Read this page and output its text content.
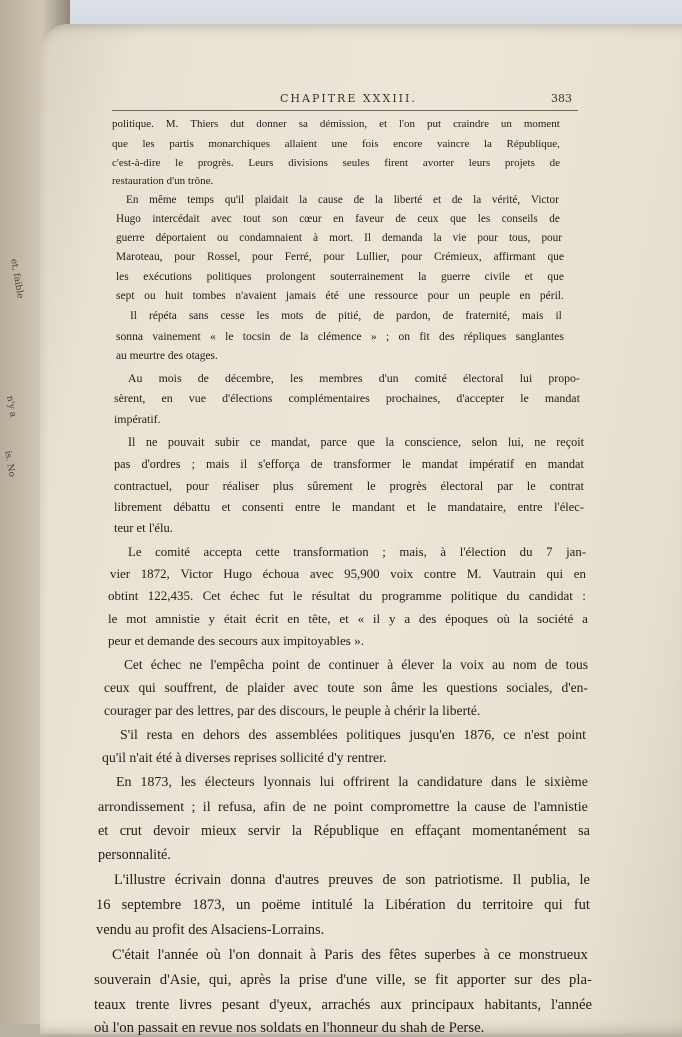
et, faible
n'y a
is. No
CHAPITRE XXXIII.	383
politique. M. Thiers dut donner sa démission, et l'on put craindre un moment
que les partis monarchiques allaient une fois encore vaincre la République,
c'est-à-dire le progrès. Leurs divisions seules firent avorter leurs projets de
restauration d'un trône.
En même temps qu'il plaidait la cause de la liberté et de la vérité, Victor
Hugo intercédait avec tout son cœur en faveur de ceux que les conseils de
guerre déportaient ou condamnaient à mort. Il demanda la vie pour tous, pour
Maroteau, pour Rossel, pour Ferré, pour Lullier, pour Crémieux, affirmant que
les exécutions politiques prolongent souterrainement la guerre civile et que
sept ou huit tombes n'avaient jamais été une ressource pour un peuple en péril.
Il répéta sans cesse les mots de pitié, de pardon, de fraternité, mais il
sonna vainement « le tocsin de la clémence » ; on fit des répliques sanglantes
au meurtre des otages.
Au mois de décembre, les membres d'un comité électoral lui propo-
sèrent, en vue d'élections complémentaires prochaines, d'accepter le mandat
impératif.
Il ne pouvait subir ce mandat, parce que la conscience, selon lui, ne reçoit
pas d'ordres ; mais il s'efforça de transformer le mandat impératif en mandat
contractuel, pour réaliser plus sûrement le progrès électoral par le contrat
librement débattu et consenti entre le mandant et le mandataire, entre l'élec-
teur et l'élu.
Le comité accepta cette transformation ; mais, à l'élection du 7 jan-
vier 1872, Victor Hugo échoua avec 95,900 voix contre M. Vautrain qui en
obtint 122,435. Cet échec fut le résultat du programme politique du candidat :
le mot amnistie y était écrit en tête, et « il y a des époques où la société a
peur et demande des secours aux impitoyables ».
Cet échec ne l'empêcha point de continuer à élever la voix au nom de tous
ceux qui souffrent, de plaider avec toute son âme les questions sociales, d'en-
courager par des lettres, par des discours, le peuple à chérir la liberté.
S'il resta en dehors des assemblées politiques jusqu'en 1876, ce n'est point
qu'il n'ait été à diverses reprises sollicité d'y rentrer.
En 1873, les électeurs lyonnais lui offrirent la candidature dans le sixième
arrondissement ; il refusa, afin de ne point compromettre la cause de l'amnistie
et crut devoir mieux servir la République en effaçant momentanément sa
personnalité.
L'illustre écrivain donna d'autres preuves de son patriotisme. Il publia, le
16 septembre 1873, un poëme intitulé la Libération du territoire qui fut
vendu au profit des Alsaciens-Lorrains.
C'était l'année où l'on donnait à Paris des fêtes superbes à ce monstrueux
souverain d'Asie, qui, après la prise d'une ville, se fit apporter sur des pla-
teaux trente livres pesant d'yeux, arrachés aux principaux habitants, l'année
où l'on passait en revue nos soldats en l'honneur du shah de Perse.
